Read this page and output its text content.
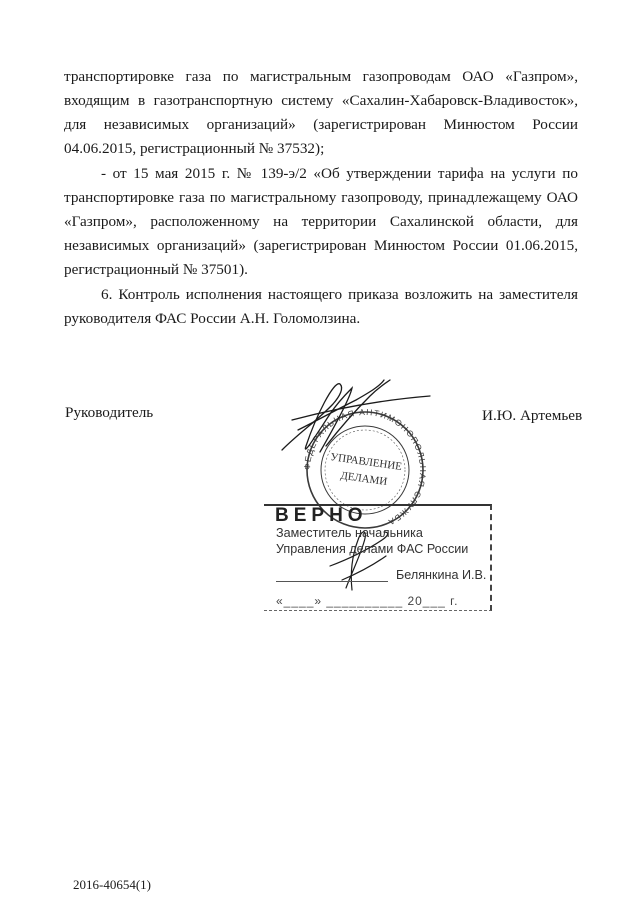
транспортировке газа по магистральным газопроводам ОАО «Газпром», входящим в газотранспортную систему «Сахалин-Хабаровск-Владивосток», для независимых организаций» (зарегистрирован Минюстом России 04.06.2015, регистрационный № 37532);

- от 15 мая 2015 г. № 139-э/2 «Об утверждении тарифа на услуги по транспортировке газа по магистральному газопроводу, принадлежащему ОАО «Газпром», расположенному на территории Сахалинской области, для независимых организаций» (зарегистрирован Минюстом России 01.06.2015, регистрационный № 37501).

6. Контроль исполнения настоящего приказа возложить на заместителя руководителя ФАС России А.Н. Голомолзина.

Руководитель	И.Ю. Артемьев
ФЕДЕРАЛЬНАЯ АНТИМОНОПОЛЬНАЯ СЛУЖБА
УПРАВЛЕНИЕ
ДЕЛАМИ
ВЕРНО
Заместитель начальника
Управления делами ФАС России
Белянкина И.В.
«____» __________ 20___ г.
2016-40654(1)
